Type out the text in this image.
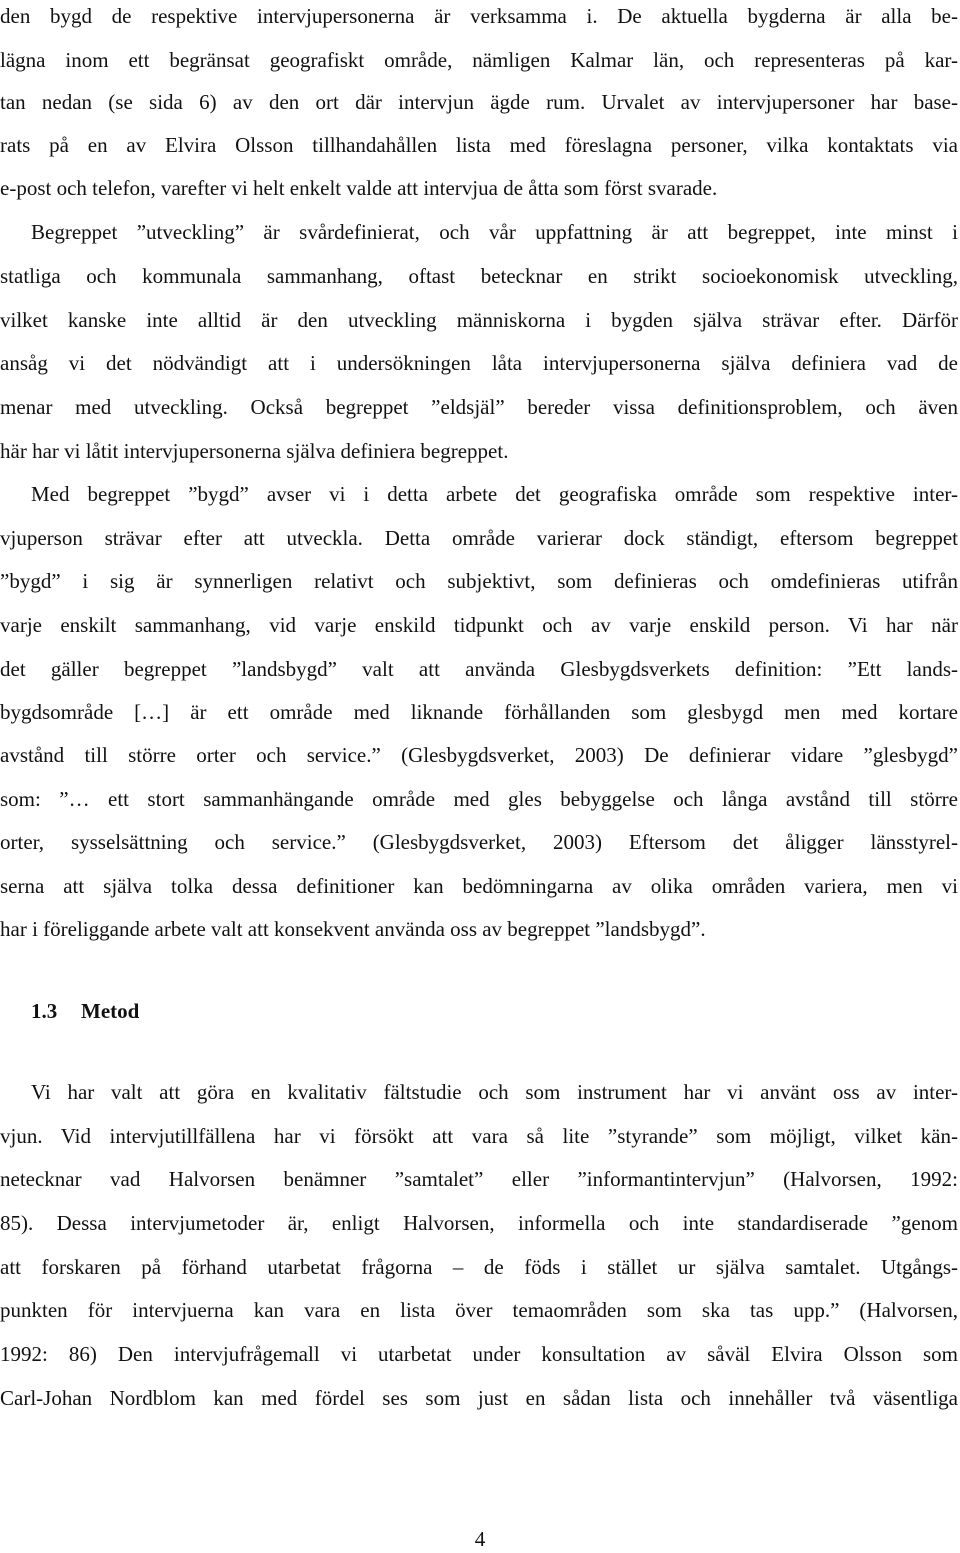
den bygd de respektive intervjupersonerna är verksamma i. De aktuella bygderna är alla be-
lägna inom ett begränsat geografiskt område, nämligen Kalmar län, och representeras på kar-
tan nedan (se sida 6) av den ort där intervjun ägde rum. Urvalet av intervjupersoner har base-
rats på en av Elvira Olsson tillhandahållen lista med föreslagna personer, vilka kontaktats via
e-post och telefon, varefter vi helt enkelt valde att intervjua de åtta som först svarade.
Begreppet ”utveckling” är svårdefinierat, och vår uppfattning är att begreppet, inte minst i
statliga och kommunala sammanhang, oftast betecknar en strikt socioekonomisk utveckling,
vilket kanske inte alltid är den utveckling människorna i bygden själva strävar efter. Därför
ansåg vi det nödvändigt att i undersökningen låta intervjupersonerna själva definiera vad de
menar med utveckling. Också begreppet ”eldsjäl” bereder vissa definitionsproblem, och även
här har vi låtit intervjupersonerna själva definiera begreppet.
Med begreppet ”bygd” avser vi i detta arbete det geografiska område som respektive inter-
vjuperson strävar efter att utveckla. Detta område varierar dock ständigt, eftersom begreppet
”bygd” i sig är synnerligen relativt och subjektivt, som definieras och omdefinieras utifrån
varje enskilt sammanhang, vid varje enskild tidpunkt och av varje enskild person. Vi har när
det gäller begreppet ”landsbygd” valt att använda Glesbygdsverkets definition: ”Ett lands-
bygdsområde […] är ett område med liknande förhållanden som glesbygd men med kortare
avstånd till större orter och service.” (Glesbygdsverket, 2003) De definierar vidare ”glesbygd”
som: ”… ett stort sammanhängande område med gles bebyggelse och långa avstånd till större
orter, sysselsättning och service.” (Glesbygdsverket, 2003) Eftersom det åligger länsstyrel-
serna att själva tolka dessa definitioner kan bedömningarna av olika områden variera, men vi
har i föreliggande arbete valt att konsekvent använda oss av begreppet ”landsbygd”.
1.3 Metod
Vi har valt att göra en kvalitativ fältstudie och som instrument har vi använt oss av inter-
vjun. Vid intervjutillfällena har vi försökt att vara så lite ”styrande” som möjligt, vilket kän-
netecknar vad Halvorsen benämner ”samtalet” eller ”informantintervjun” (Halvorsen, 1992:
85). Dessa intervjumetoder är, enligt Halvorsen, informella och inte standardiserade ”genom
att forskaren på förhand utarbetat frågorna – de föds i stället ur själva samtalet. Utgångs-
punkten för intervjuerna kan vara en lista över temaområden som ska tas upp.” (Halvorsen,
1992: 86) Den intervjufrågemall vi utarbetat under konsultation av såväl Elvira Olsson som
Carl-Johan Nordblom kan med fördel ses som just en sådan lista och innehåller två väsentliga
4
